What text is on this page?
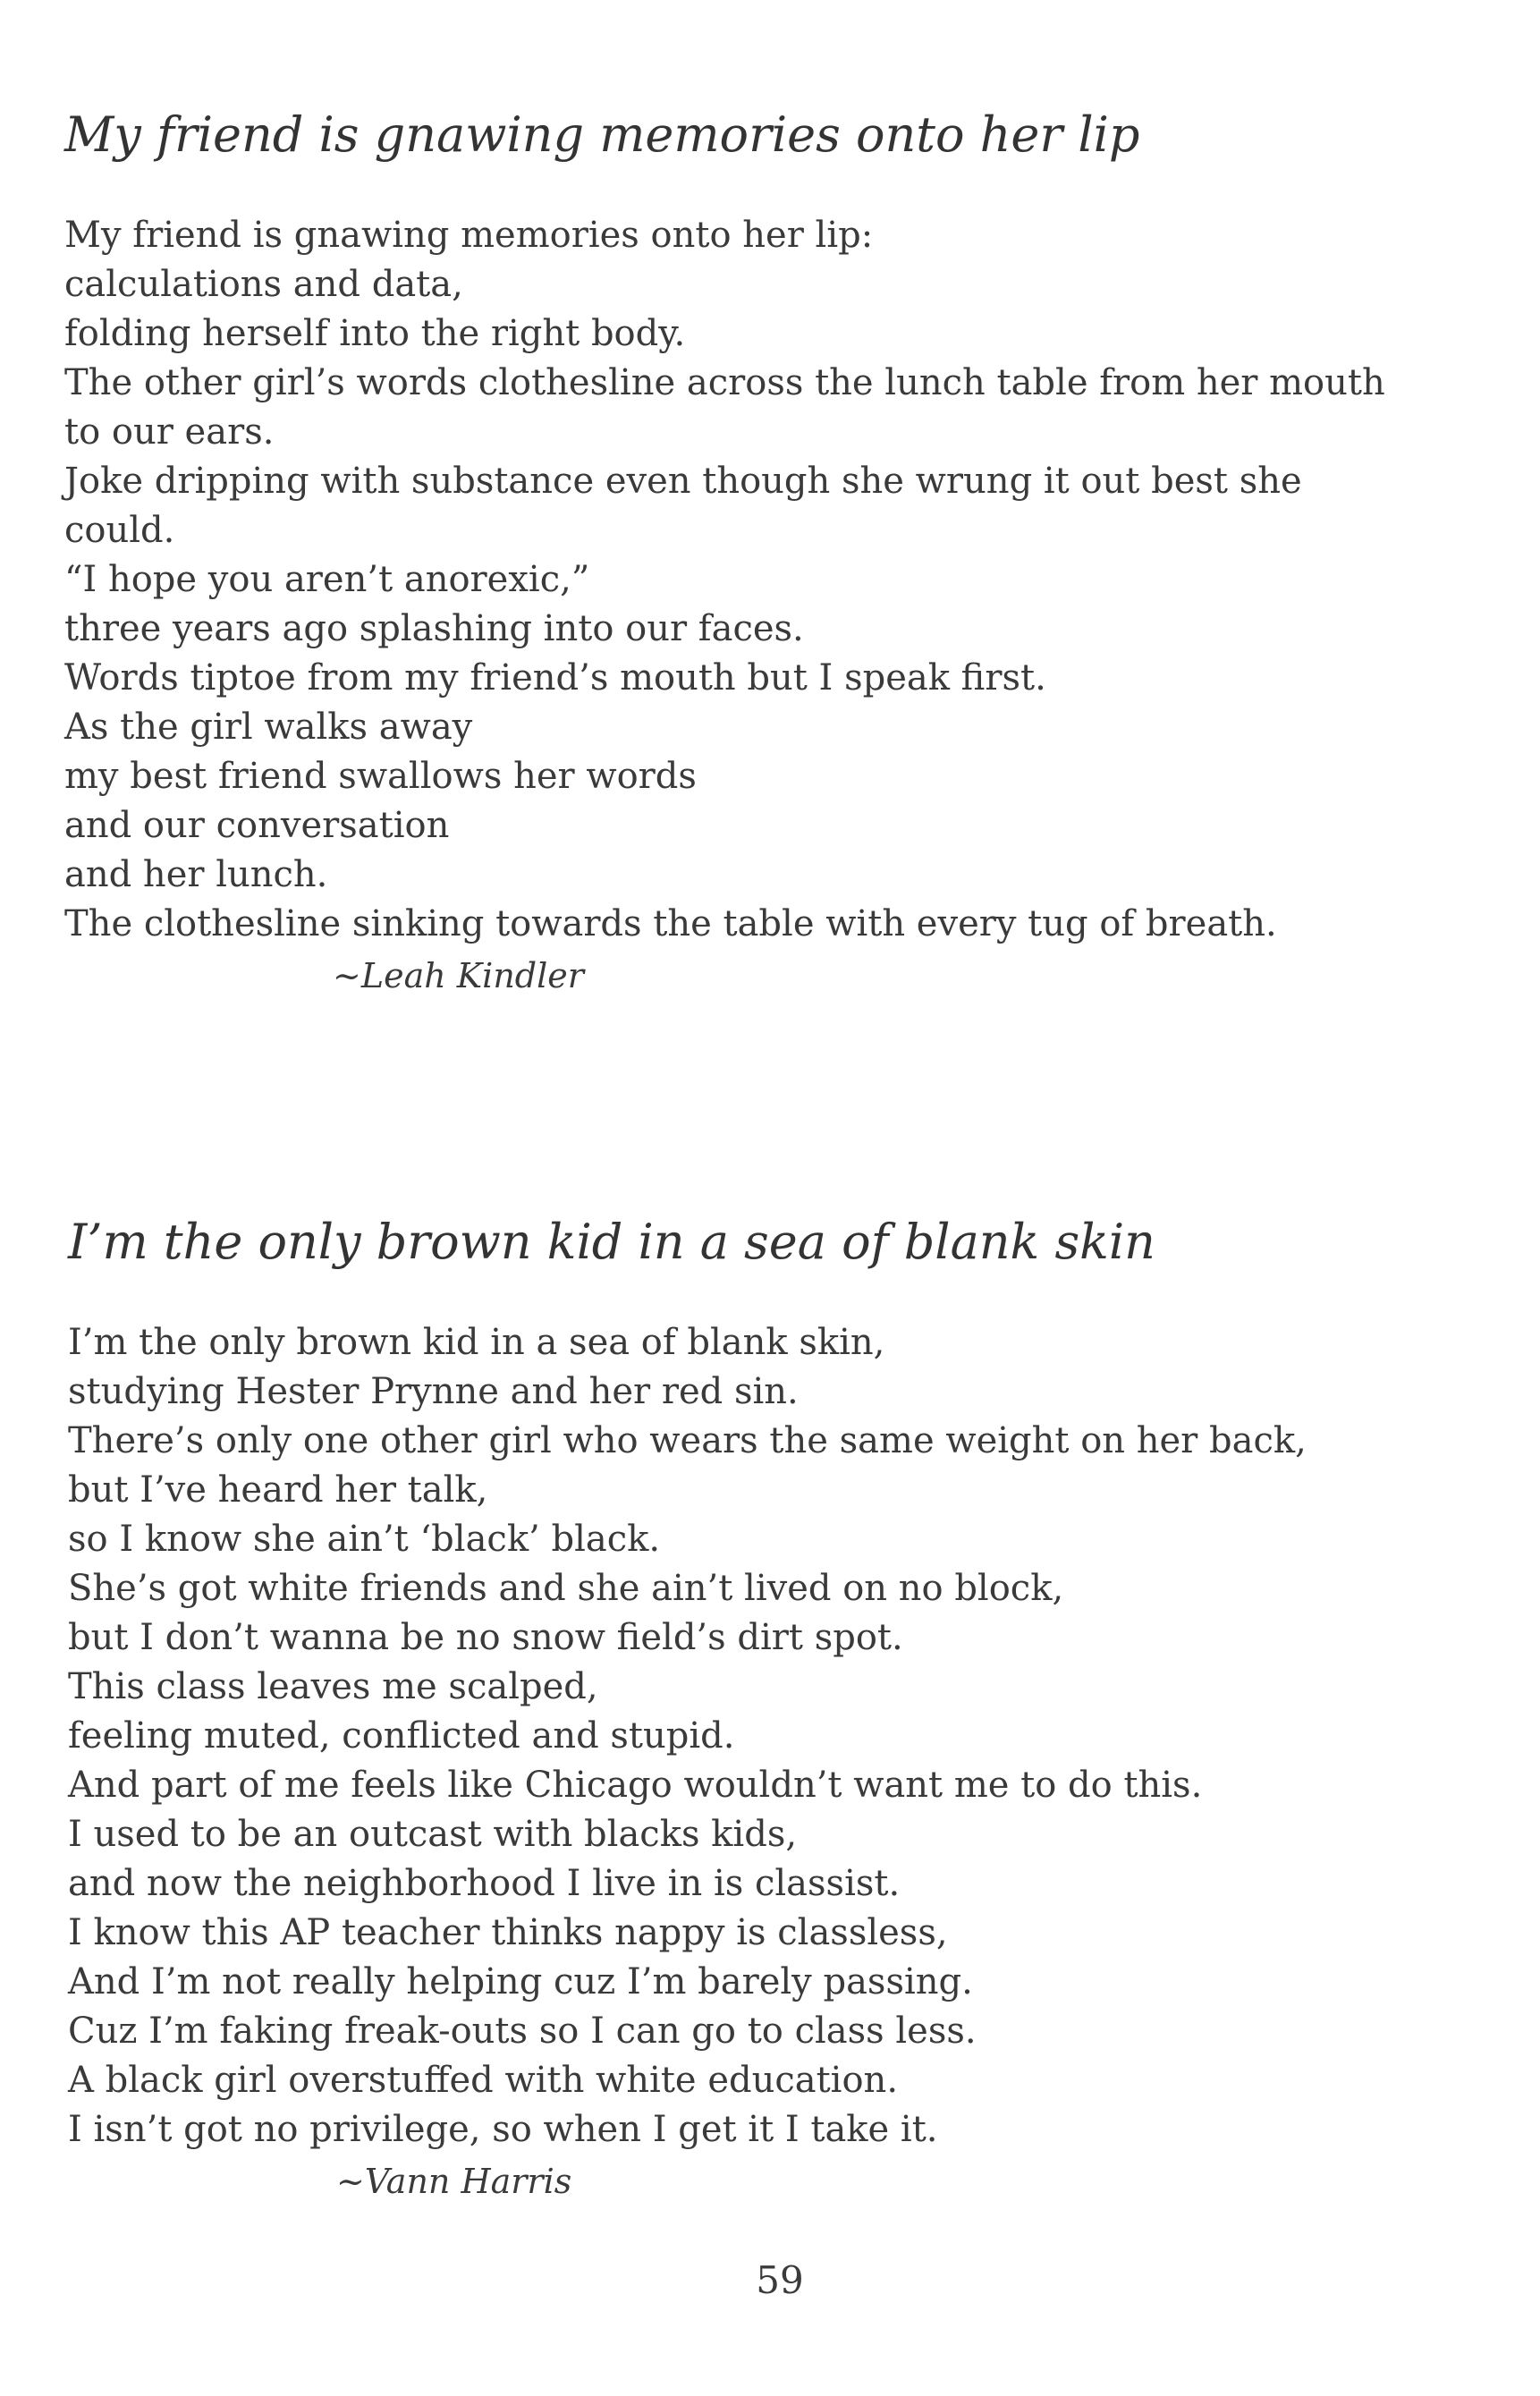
My friend is gnawing memories onto her lip
My friend is gnawing memories onto her lip:
calculations and data,
folding herself into the right body.
The other girl’s words clothesline across the lunch table from her mouth
to our ears.
Joke dripping with substance even though she wrung it out best she
could.
“I hope you aren’t anorexic,”
three years ago splashing into our faces.
Words tiptoe from my friend’s mouth but I speak first.
As the girl walks away
my best friend swallows her words
and our conversation
and her lunch.
The clothesline sinking towards the table with every tug of breath.
~Leah Kindler
I’m the only brown kid in a sea of blank skin
I’m the only brown kid in a sea of blank skin,
studying Hester Prynne and her red sin.
There’s only one other girl who wears the same weight on her back,
but I’ve heard her talk,
so I know she ain’t ‘black’ black.
She’s got white friends and she ain’t lived on no block,
but I don’t wanna be no snow field’s dirt spot.
This class leaves me scalped,
feeling muted, conflicted and stupid.
And part of me feels like Chicago wouldn’t want me to do this.
I used to be an outcast with blacks kids,
and now the neighborhood I live in is classist.
I know this AP teacher thinks nappy is classless,
And I’m not really helping cuz I’m barely passing.
Cuz I’m faking freak-outs so I can go to class less.
A black girl overstuffed with white education.
I isn’t got no privilege, so when I get it I take it.
~Vann Harris
59
